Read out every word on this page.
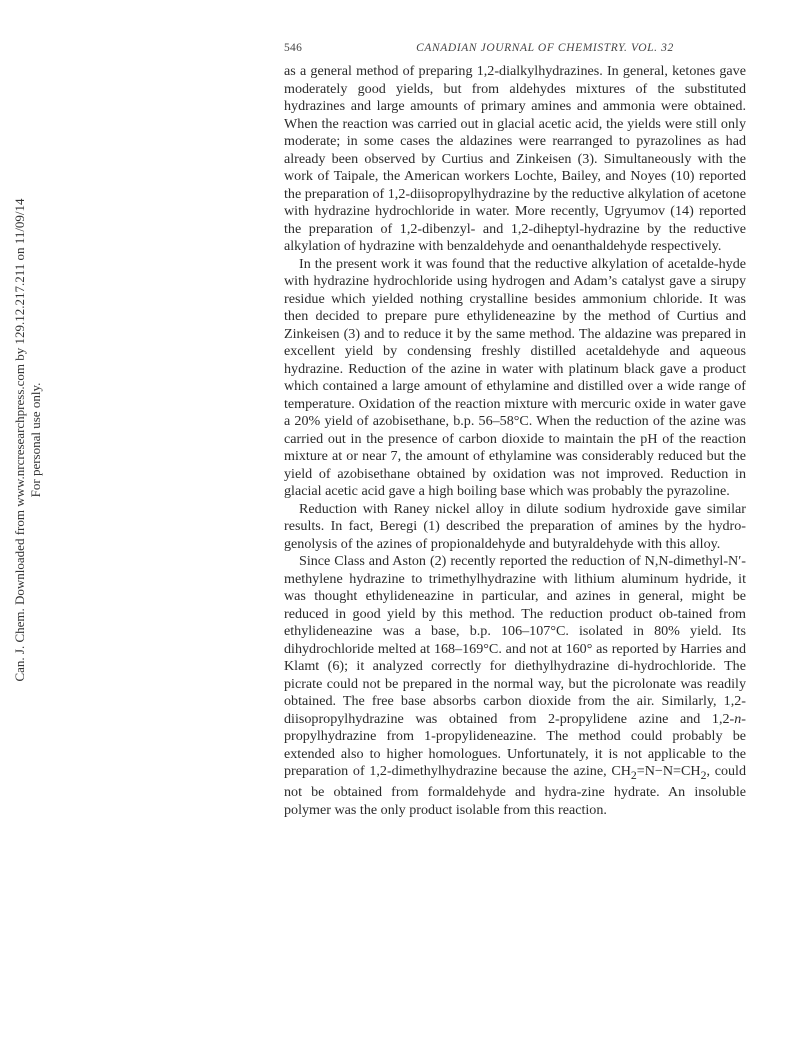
Can. J. Chem. Downloaded from www.nrcresearchpress.com by 129.12.217.211 on 11/09/14 For personal use only.
546	CANADIAN JOURNAL OF CHEMISTRY. VOL. 32

as a general method of preparing 1,2-dialkylhydrazines. In general, ketones gave moderately good yields, but from aldehydes mixtures of the substituted hydrazines and large amounts of primary amines and ammonia were obtained. When the reaction was carried out in glacial acetic acid, the yields were still only moderate; in some cases the aldazines were rearranged to pyrazolines as had already been observed by Curtius and Zinkeisen (3). Simultaneously with the work of Taipale, the American workers Lochte, Bailey, and Noyes (10) reported the preparation of 1,2-diisopropylhydrazine by the reductive alkylation of acetone with hydrazine hydrochloride in water. More recently, Ugryumov (14) reported the preparation of 1,2-dibenzyl- and 1,2-diheptyl-hydrazine by the reductive alkylation of hydrazine with benzaldehyde and oenanthaldehyde respectively.

In the present work it was found that the reductive alkylation of acetalde-hyde with hydrazine hydrochloride using hydrogen and Adam’s catalyst gave a sirupy residue which yielded nothing crystalline besides ammonium chloride. It was then decided to prepare pure ethylideneazine by the method of Curtius and Zinkeisen (3) and to reduce it by the same method. The aldazine was prepared in excellent yield by condensing freshly distilled acetaldehyde and aqueous hydrazine. Reduction of the azine in water with platinum black gave a product which contained a large amount of ethylamine and distilled over a wide range of temperature. Oxidation of the reaction mixture with mercuric oxide in water gave a 20% yield of azobisethane, b.p. 56–58°C. When the reduction of the azine was carried out in the presence of carbon dioxide to maintain the pH of the reaction mixture at or near 7, the amount of ethylamine was considerably reduced but the yield of azobisethane obtained by oxidation was not improved. Reduction in glacial acetic acid gave a high boiling base which was probably the pyrazoline.

Reduction with Raney nickel alloy in dilute sodium hydroxide gave similar results. In fact, Beregi (1) described the preparation of amines by the hydro-genolysis of the azines of propionaldehyde and butyraldehyde with this alloy.

Since Class and Aston (2) recently reported the reduction of N,N-dimethyl-N′-methylene hydrazine to trimethylhydrazine with lithium aluminum hydride, it was thought ethylideneazine in particular, and azines in general, might be reduced in good yield by this method. The reduction product ob-tained from ethylideneazine was a base, b.p. 106–107°C. isolated in 80% yield. Its dihydrochloride melted at 168–169°C. and not at 160° as reported by Harries and Klamt (6); it analyzed correctly for diethylhydrazine di-hydrochloride. The picrate could not be prepared in the normal way, but the picrolonate was readily obtained. The free base absorbs carbon dioxide from the air. Similarly, 1,2-diisopropylhydrazine was obtained from 2-propylidene azine and 1,2-n-propylhydrazine from 1-propylideneazine. The method could probably be extended also to higher homologues. Unfortunately, it is not applicable to the preparation of 1,2-dimethylhydrazine because the azine, $CH_2=N-N=CH_2$, could not be obtained from formaldehyde and hydra-zine hydrate. An insoluble polymer was the only product isolable from this reaction.
